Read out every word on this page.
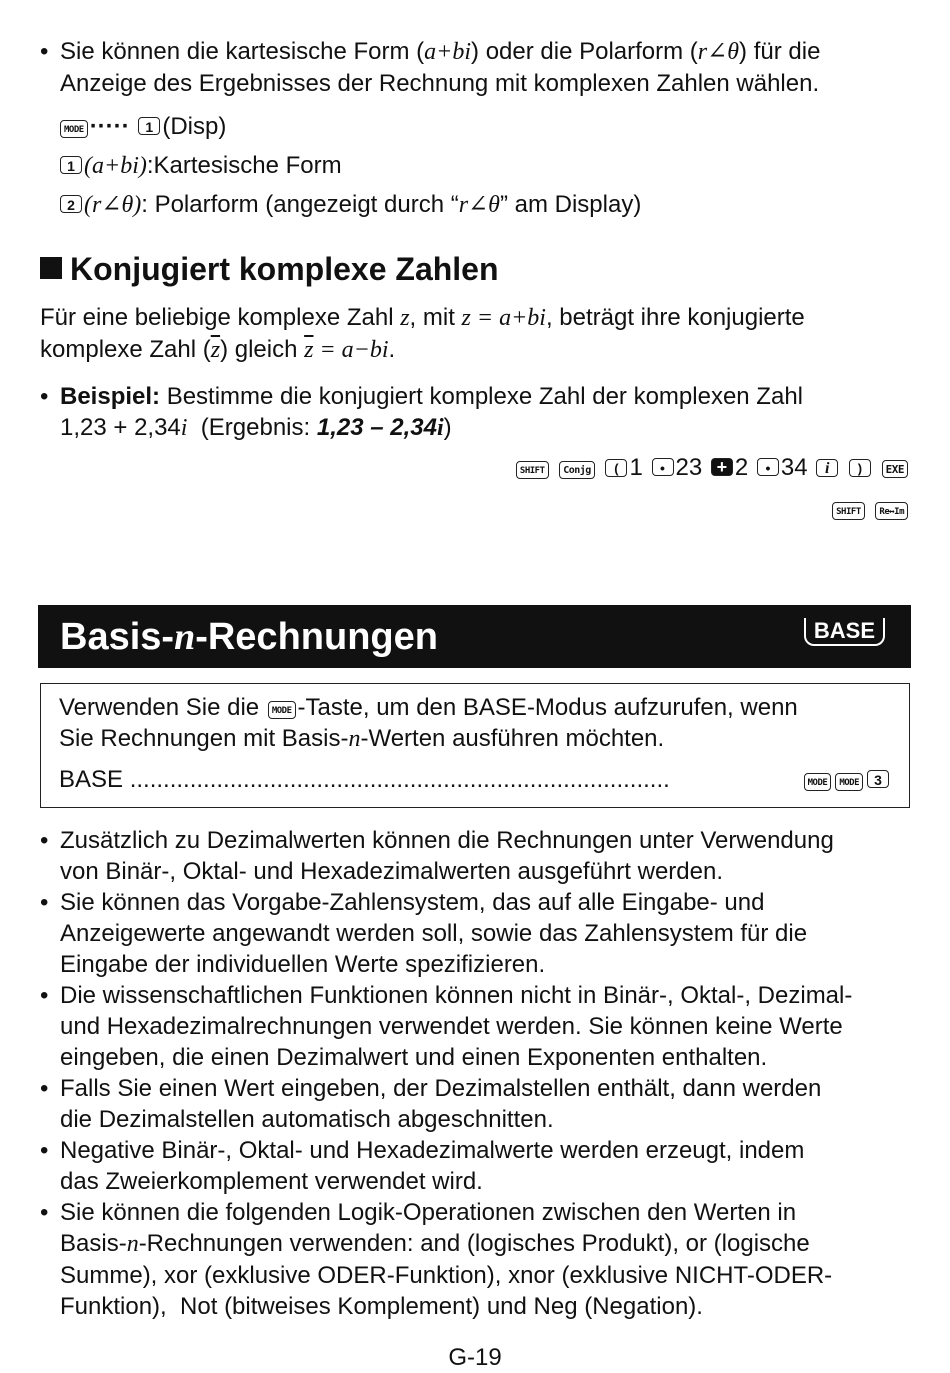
• Sie können die kartesische Form (a+bi) oder die Polarform (r∠θ) für die
Anzeige des Ergebnisses der Rechnung mit komplexen Zahlen wählen.
MODE ····· 1 (Disp)
1 (a+bi):Kartesische Form
2 (r∠θ): Polarform (angezeigt durch “r∠θ” am Display)
Konjugiert komplexe Zahlen
Für eine beliebige komplexe Zahl z, mit z = a+bi, beträgt ihre konjugierte
komplexe Zahl $(\overline{z})$ gleich $\overline{z} = a-bi$.
• Beispiel: Bestimme die konjugiert komplexe Zahl der komplexen Zahl
1,23 + 2,34i  (Ergebnis: 1,23 – 2,34i)
SHIFT Conjg ( 1 • 23 + 2 • 34 i ) EXE
SHIFT Re↔Im
Basis-n-Rechnungen	BASE
Verwenden Sie die MODE -Taste, um den BASE-Modus aufzurufen, wenn
Sie Rechnungen mit Basis-n-Werten ausführen möchten.
BASE .................................................................................	MODE MODE 3
• Zusätzlich zu Dezimalwerten können die Rechnungen unter Verwendung
von Binär-, Oktal- und Hexadezimalwerten ausgeführt werden.
• Sie können das Vorgabe-Zahlensystem, das auf alle Eingabe- und
Anzeigewerte angewandt werden soll, sowie das Zahlensystem für die
Eingabe der individuellen Werte spezifizieren.
• Die wissenschaftlichen Funktionen können nicht in Binär-, Oktal-, Dezimal-
und Hexadezimalrechnungen verwendet werden. Sie können keine Werte
eingeben, die einen Dezimalwert und einen Exponenten enthalten.
• Falls Sie einen Wert eingeben, der Dezimalstellen enthält, dann werden
die Dezimalstellen automatisch abgeschnitten.
• Negative Binär-, Oktal- und Hexadezimalwerte werden erzeugt, indem
das Zweierkomplement verwendet wird.
• Sie können die folgenden Logik-Operationen zwischen den Werten in
Basis-n-Rechnungen verwenden: and (logisches Produkt), or (logische
Summe), xor (exklusive ODER-Funktion), xnor (exklusive NICHT-ODER-
Funktion),  Not (bitweises Komplement) und Neg (Negation).
G-19
